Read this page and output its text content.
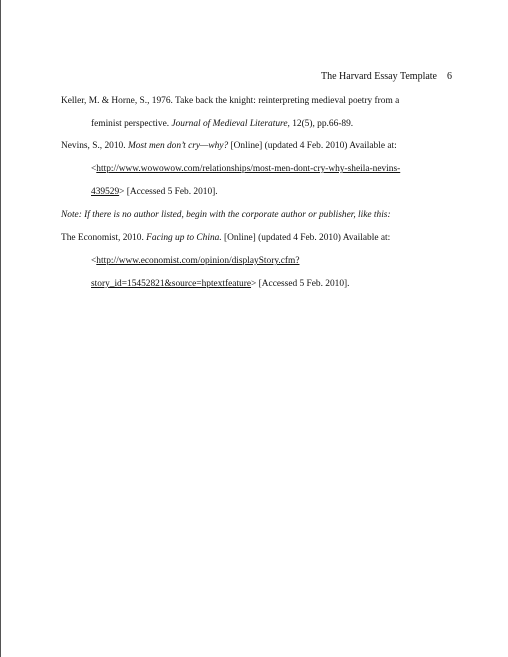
The Harvard Essay Template 6
Keller, M. & Horne, S., 1976. Take back the knight: reinterpreting medieval poetry from a
feminist perspective. Journal of Medieval Literature, 12(5), pp.66-89.
Nevins, S., 2010. Most men don’t cry—why? [Online] (updated 4 Feb. 2010) Available at:
<http://www.wowowow.com/relationships/most-men-dont-cry-why-sheila-nevins-
439529> [Accessed 5 Feb. 2010].
Note: If there is no author listed, begin with the corporate author or publisher, like this:
The Economist, 2010. Facing up to China. [Online] (updated 4 Feb. 2010) Available at:
<http://www.economist.com/opinion/displayStory.cfm?
story_id=15452821&source=hptextfeature> [Accessed 5 Feb. 2010].
